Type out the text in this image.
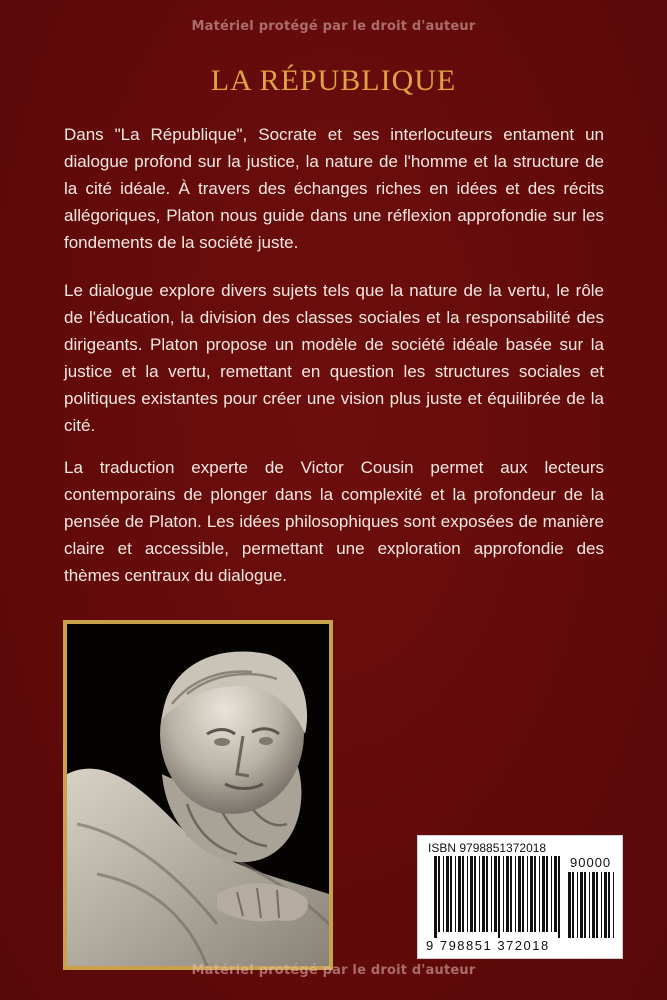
Matériel protégé par le droit d'auteur
LA RÉPUBLIQUE

Dans "La République", Socrate et ses interlocuteurs entament un dialogue profond sur la justice, la nature de l'homme et la structure de la cité idéale. À travers des échanges riches en idées et des récits allégoriques, Platon nous guide dans une réflexion approfondie sur les fondements de la société juste.

Le dialogue explore divers sujets tels que la nature de la vertu, le rôle de l'éducation, la division des classes sociales et la responsabilité des dirigeants. Platon propose un modèle de société idéale basée sur la justice et la vertu, remettant en question les structures sociales et politiques existantes pour créer une vision plus juste et équilibrée de la cité.

La traduction experte de Victor Cousin permet aux lecteurs contemporains de plonger dans la complexité et la profondeur de la pensée de Platon. Les idées philosophiques sont exposées de manière claire et accessible, permettant une exploration approfondie des thèmes centraux du dialogue.

ISBN 9798851372018
90000
9 798851 372018
Matériel protégé par le droit d'auteur
